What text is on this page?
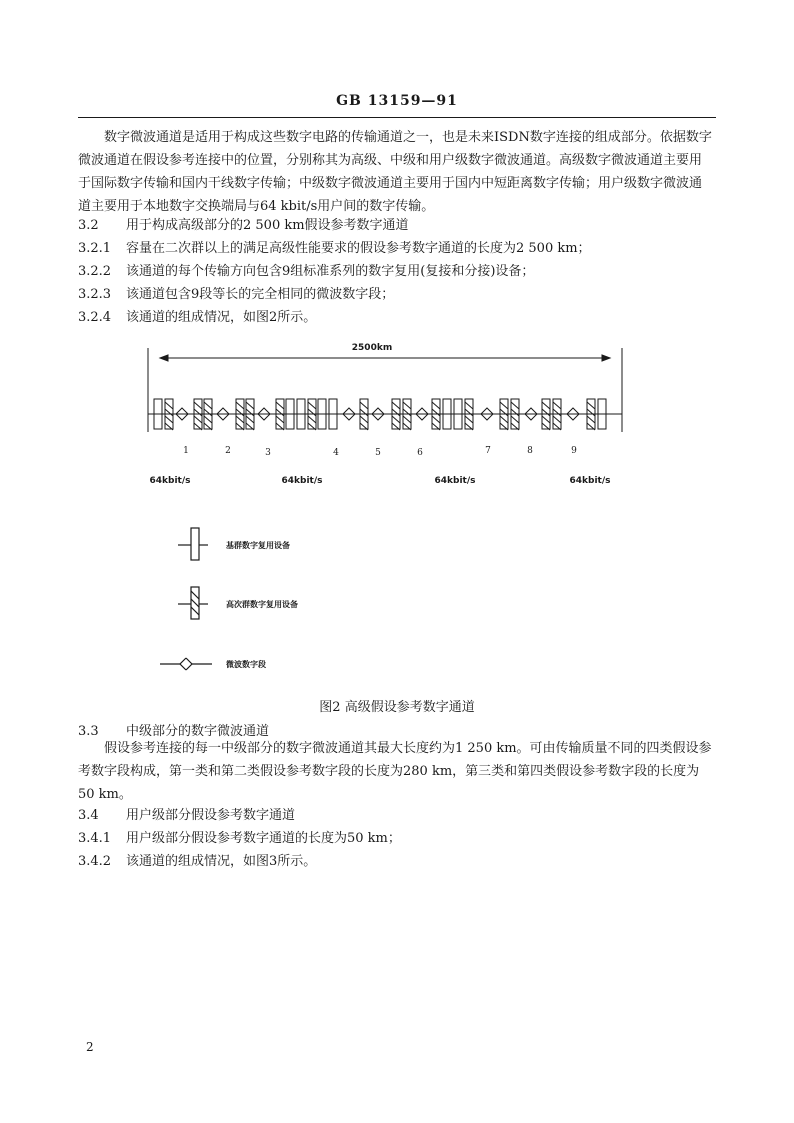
GB 13159—91
数字微波通道是适用于构成这些数字电路的传输通道之一，也是未来ISDN数字连接的组成部分。依据数字微波通道在假设参考连接中的位置，分别称其为高级、中级和用户级数字微波通道。高级数字微波通道主要用于国际数字传输和国内干线数字传输；中级数字微波通道主要用于国内中短距离数字传输；用户级数字微波通道主要用于本地数字交换端局与64 kbit/s用户间的数字传输。
3.2 用于构成高级部分的2 500 km假设参考数字通道
3.2.1 容量在二次群以上的满足高级性能要求的假设参考数字通道的长度为2 500 km；
3.2.2 该通道的每个传输方向包含9组标准系列的数字复用(复接和分接)设备；
3.2.3 该通道包含9段等长的完全相同的微波数字段；
3.2.4 该通道的组成情况，如图2所示。
2500km
1	2	3	4	5	6	7	8	9
64kbit/s	64kbit/s	64kbit/s	64kbit/s
基群数字复用设备
高次群数字复用设备
微波数字段
图2 高级假设参考数字通道
3.3 中级部分的数字微波通道
假设参考连接的每一中级部分的数字微波通道其最大长度约为1 250 km。可由传输质量不同的四类假设参考数字段构成，第一类和第二类假设参考数字段的长度为280 km，第三类和第四类假设参考数字段的长度为50 km。
3.4 用户级部分假设参考数字通道
3.4.1 用户级部分假设参考数字通道的长度为50 km；
3.4.2 该通道的组成情况，如图3所示。
2
